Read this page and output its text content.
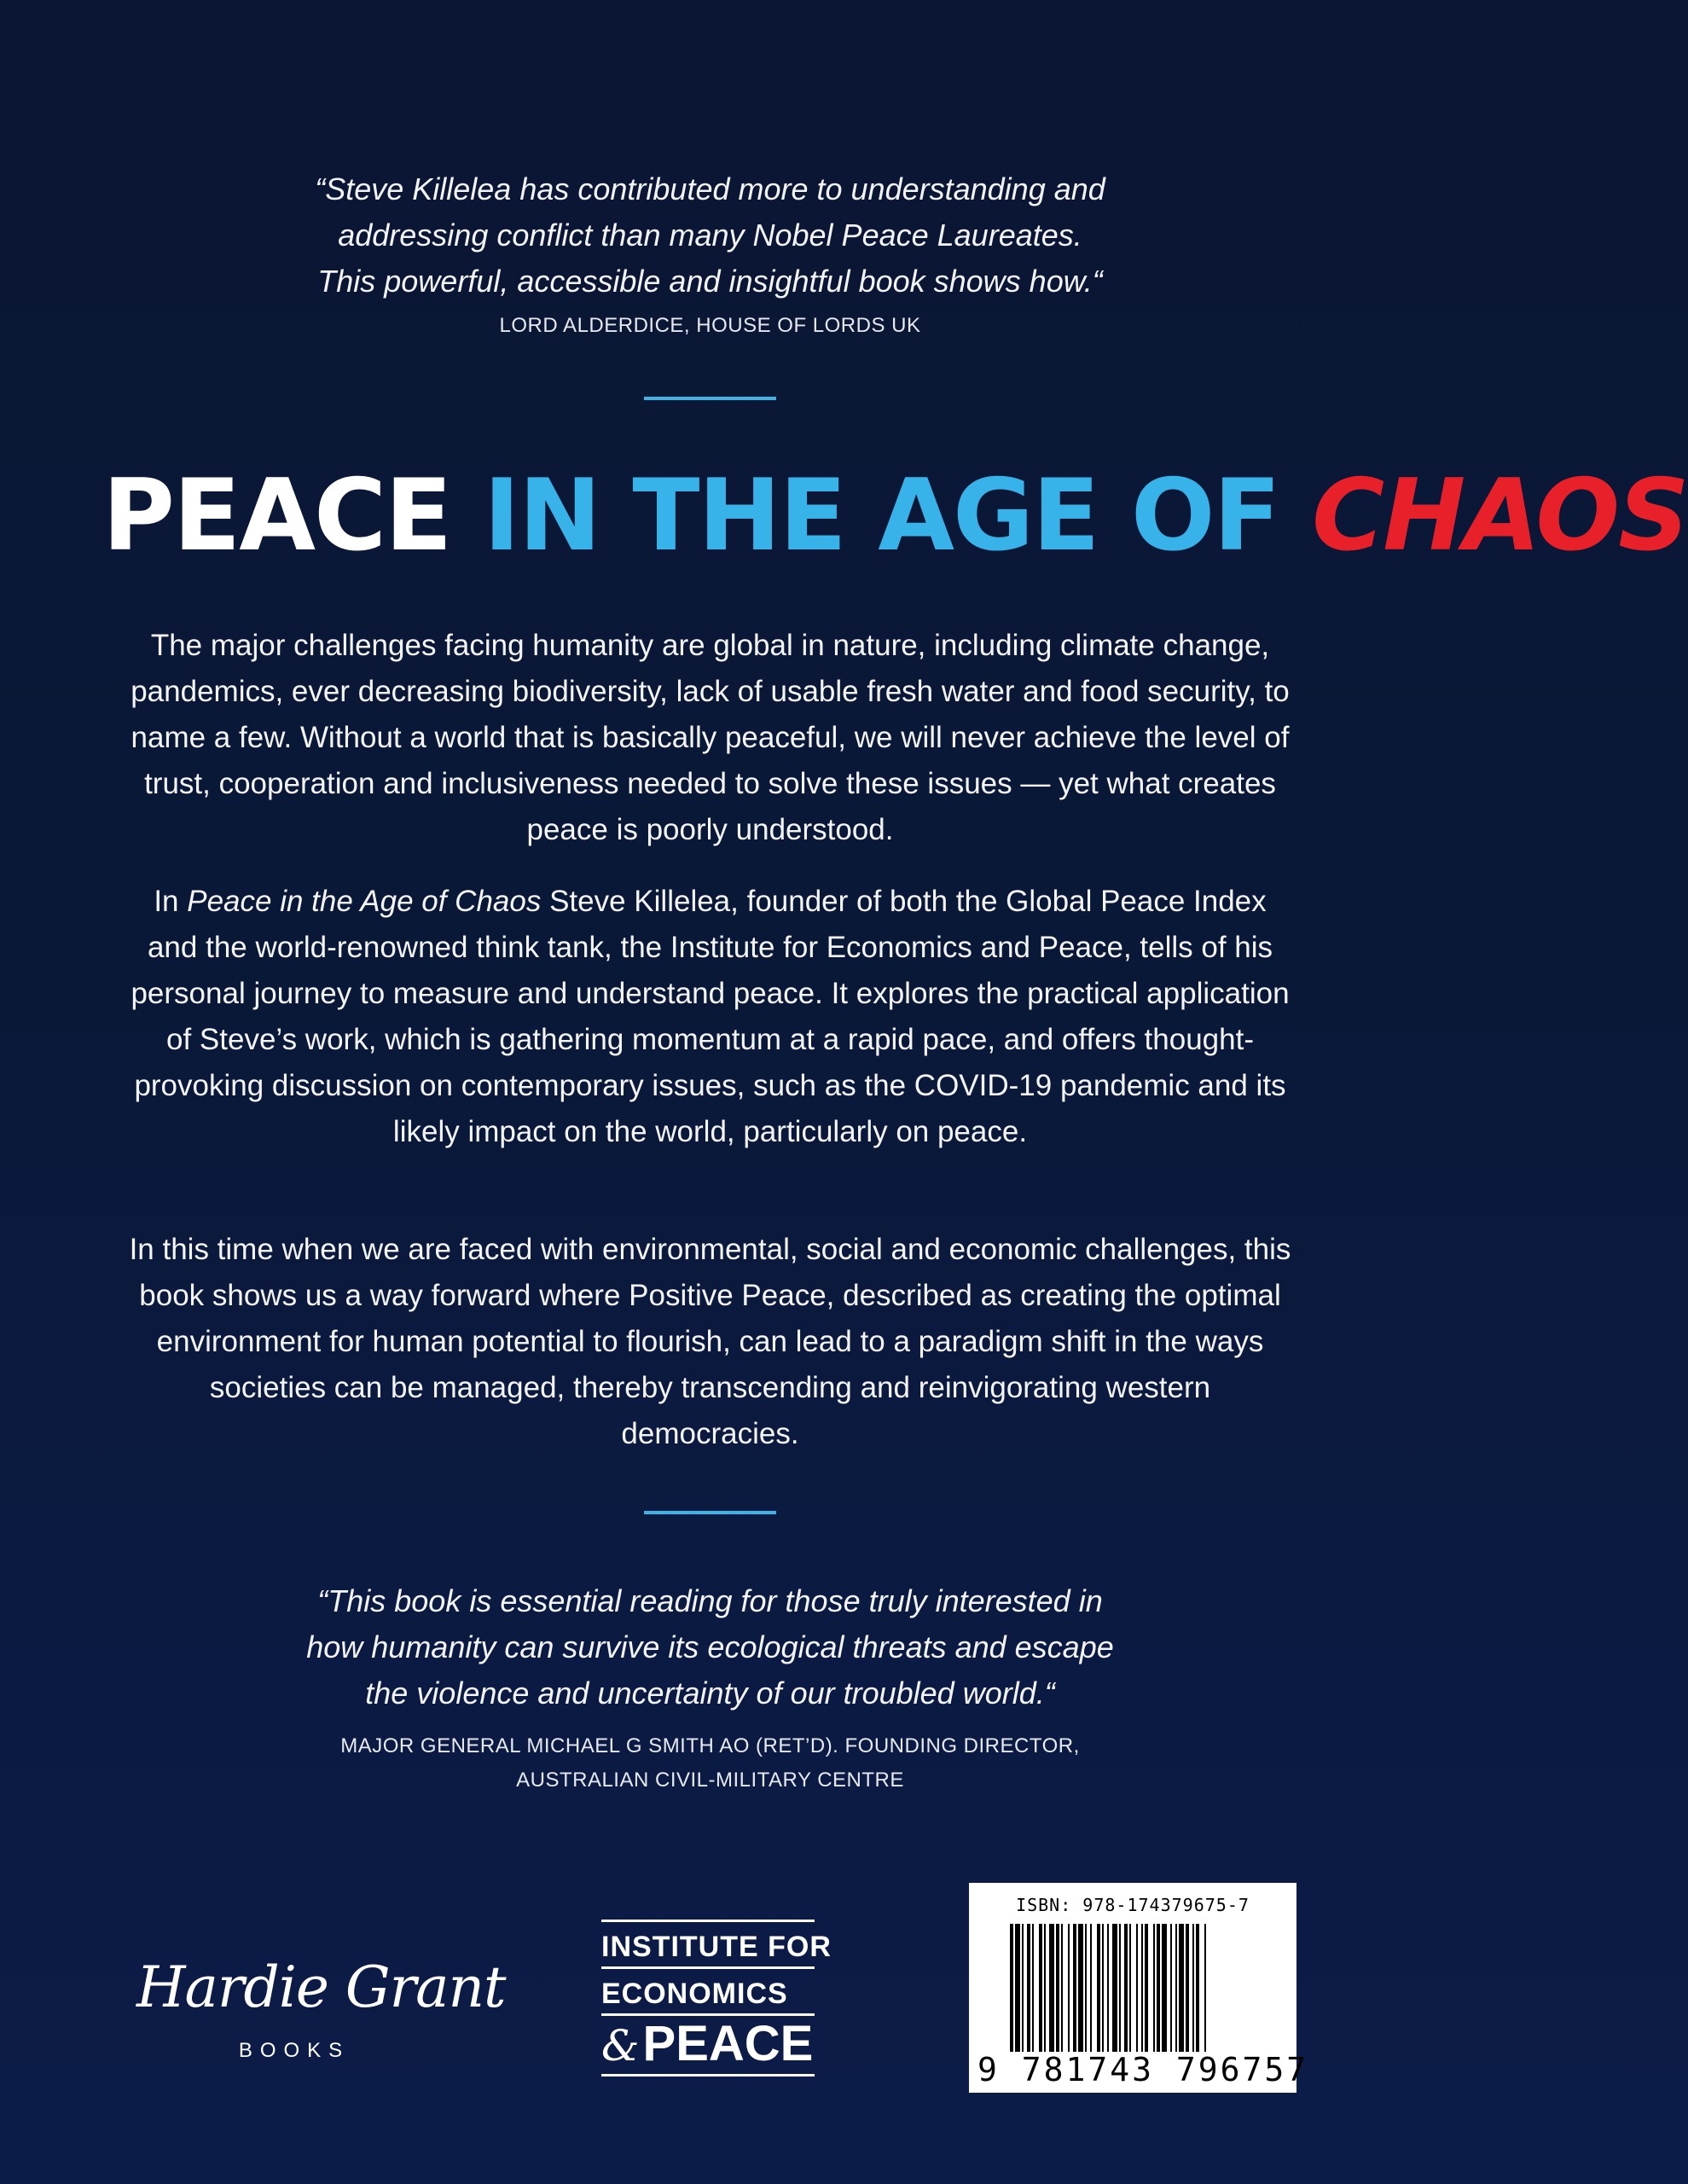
“Steve Killelea has contributed more to understanding and
addressing conflict than many Nobel Peace Laureates.
This powerful, accessible and insightful book shows how.“
LORD ALDERDICE, HOUSE OF LORDS UK
PEACE IN THE AGE OF CHAOS

The major challenges facing humanity are global in nature, including climate change, pandemics, ever decreasing biodiversity, lack of usable fresh water and food security, to name a few. Without a world that is basically peaceful, we will never achieve the level of trust, cooperation and inclusiveness needed to solve these issues — yet what creates peace is poorly understood.

In Peace in the Age of Chaos Steve Killelea, founder of both the Global Peace Index and the world-renowned think tank, the Institute for Economics and Peace, tells of his personal journey to measure and understand peace. It explores the practical application of Steve’s work, which is gathering momentum at a rapid pace, and offers thought-provoking discussion on contemporary issues, such as the COVID-19 pandemic and its likely impact on the world, particularly on peace.

In this time when we are faced with environmental, social and economic challenges, this book shows us a way forward where Positive Peace, described as creating the optimal environment for human potential to flourish, can lead to a paradigm shift in the ways societies can be managed, thereby transcending and reinvigorating western democracies.

“This book is essential reading for those truly interested in
how humanity can survive its ecological threats and escape
the violence and uncertainty of our troubled world.“
MAJOR GENERAL MICHAEL G SMITH AO (RET’D). FOUNDING DIRECTOR,
AUSTRALIAN CIVIL-MILITARY CENTRE
Hardie Grant
BOOKS
INSTITUTE FOR
ECONOMICS
&PEACE
ISBN: 978-174379675-7
9 781743 796757
